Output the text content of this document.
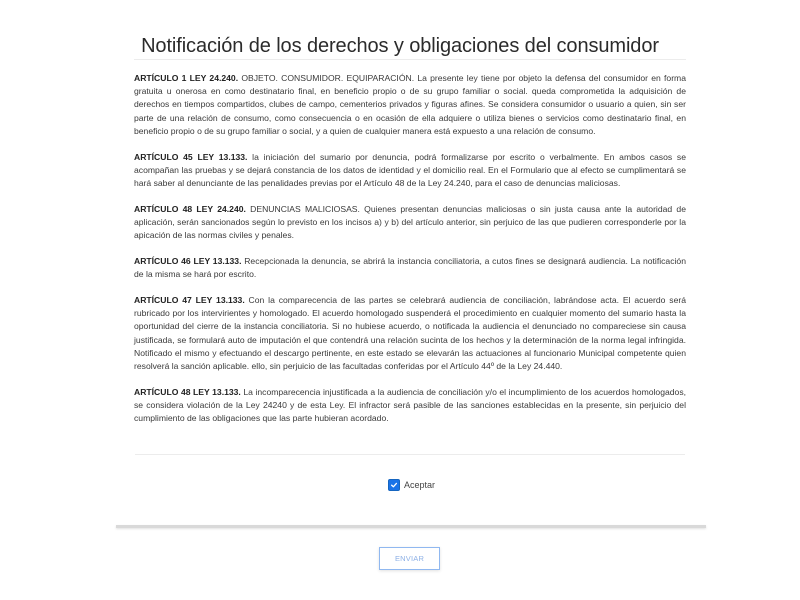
Notificación de los derechos y obligaciones del consumidor

ARTÍCULO 1 LEY 24.240. OBJETO. CONSUMIDOR. EQUIPARACIÓN. La presente ley tiene por objeto la defensa del consumidor en forma gratuita u onerosa en como destinatario final, en beneficio propio o de su grupo familiar o social. queda comprometida la adquisición de derechos en tiempos compartidos, clubes de campo, cementerios privados y figuras afines. Se considera consumidor o usuario a quien, sin ser parte de una relación de consumo, como consecuencia o en ocasión de ella adquiere o utiliza bienes o servicios como destinatario final, en beneficio propio o de su grupo familiar o social, y a quien de cualquier manera está expuesto a una relación de consumo.

ARTÍCULO 45 LEY 13.133. la iniciación del sumario por denuncia, podrá formalizarse por escrito o verbalmente. En ambos casos se acompañan las pruebas y se dejará constancia de los datos de identidad y el domicilio real. En el Formulario que al efecto se cumplimentará se hará saber al denunciante de las penalidades previas por el Artículo 48 de la Ley 24.240, para el caso de denuncias maliciosas.

ARTÍCULO 48 LEY 24.240. DENUNCIAS MALICIOSAS. Quienes presentan denuncias maliciosas o sin justa causa ante la autoridad de aplicación, serán sancionados según lo previsto en los incisos a) y b) del artículo anterior, sin perjuico de las que pudieren corresponderle por la apicación de las normas civiles y penales.

ARTÍCULO 46 LEY 13.133. Recepcionada la denuncia, se abrirá la instancia conciliatoria, a cutos fines se designará audiencia. La notificación de la misma se hará por escrito.

ARTÍCULO 47 LEY 13.133. Con la comparecencia de las partes se celebrará audiencia de conciliación, labrándose acta. El acuerdo será rubricado por los intervirientes y homologado. El acuerdo homologado suspenderá el procedimiento en cualquier momento del sumario hasta la oportunidad del cierre de la instancia conciliatoria. Si no hubiese acuerdo, o notificada la audiencia el denunciado no compareciese sin causa justificada, se formulará auto de imputación el que contendrá una relación sucinta de los hechos y la determinación de la norma legal infringida. Notificado el mismo y efectuando el descargo pertinente, en este estado se elevarán las actuaciones al funcionario Municipal competente quien resolverá la sanción aplicable. ello, sin perjuicio de las facultadas conferidas por el Artículo 44º de la Ley 24.440.

ARTÍCULO 48 LEY 13.133. La incomparecencia injustificada a la audiencia de conciliación y/o el incumplimiento de los acuerdos homologados, se considera violación de la Ley 24240 y de esta Ley. El infractor será pasible de las sanciones establecidas en la presente, sin perjuicio del cumplimiento de las obligaciones que las parte hubieran acordado.

Aceptar
ENVIAR
